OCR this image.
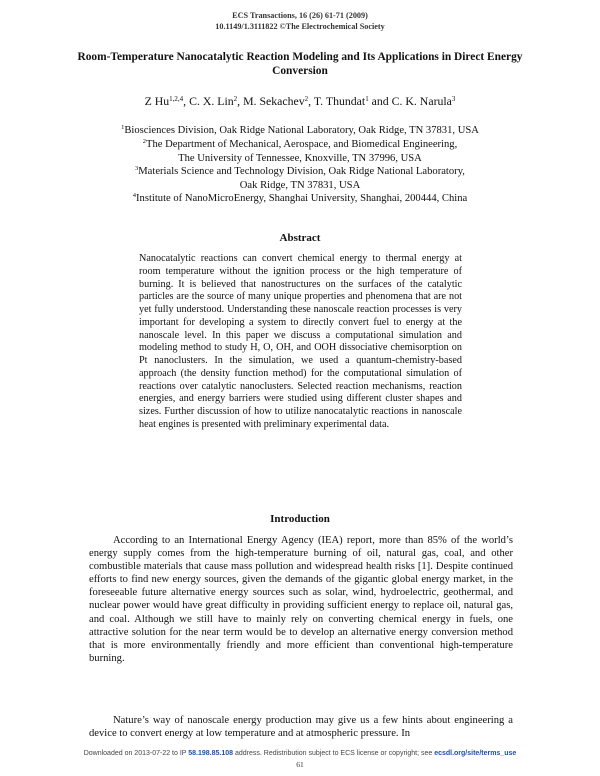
ECS Transactions, 16 (26) 61-71 (2009)
10.1149/1.3111822 ©The Electrochemical Society
Room-Temperature Nanocatalytic Reaction Modeling and Its Applications in Direct Energy Conversion
Z Hu$^{1,2,4}$, C. X. Lin$^2$, M. Sekachev$^2$, T. Thundat$^1$ and C. K. Narula$^3$
$^1$Biosciences Division, Oak Ridge National Laboratory, Oak Ridge, TN 37831, USA
$^2$The Department of Mechanical, Aerospace, and Biomedical Engineering,
The University of Tennessee, Knoxville, TN 37996, USA
$^3$Materials Science and Technology Division, Oak Ridge National Laboratory,
Oak Ridge, TN 37831, USA
$^4$Institute of NanoMicroEnergy, Shanghai University, Shanghai, 200444, China
Abstract

Nanocatalytic reactions can convert chemical energy to thermal energy at room temperature without the ignition process or the high temperature of burning. It is believed that nanostructures on the surfaces of the catalytic particles are the source of many unique properties and phenomena that are not yet fully understood. Understanding these nanoscale reaction processes is very important for developing a system to directly convert fuel to energy at the nanoscale level. In this paper we discuss a computational simulation and modeling method to study H, O, OH, and OOH dissociative chemisorption on Pt nanoclusters. In the simulation, we used a quantum-chemistry-based approach (the density function method) for the computational simulation of reactions over catalytic nanoclusters. Selected reaction mechanisms, reaction energies, and energy barriers were studied using different cluster shapes and sizes. Further discussion of how to utilize nanocatalytic reactions in nanoscale heat engines is presented with preliminary experimental data.

Introduction

According to an International Energy Agency (IEA) report, more than 85% of the world’s energy supply comes from the high-temperature burning of oil, natural gas, coal, and other combustible materials that cause mass pollution and widespread health risks [1]. Despite continued efforts to find new energy sources, given the demands of the gigantic global energy market, in the foreseeable future alternative energy sources such as solar, wind, hydroelectric, geothermal, and nuclear power would have great difficulty in providing sufficient energy to replace oil, natural gas, and coal. Although we still have to mainly rely on converting chemical energy in fuels, one attractive solution for the near term would be to develop an alternative energy conversion method that is more environmentally friendly and more efficient than conventional high-temperature burning.

Nature’s way of nanoscale energy production may give us a few hints about engineering a device to convert energy at low temperature and at atmospheric pressure. In

Downloaded on 2013-07-22 to IP 58.198.85.108 address. Redistribution subject to ECS license or copyright; see ecsdl.org/site/terms_use
61
